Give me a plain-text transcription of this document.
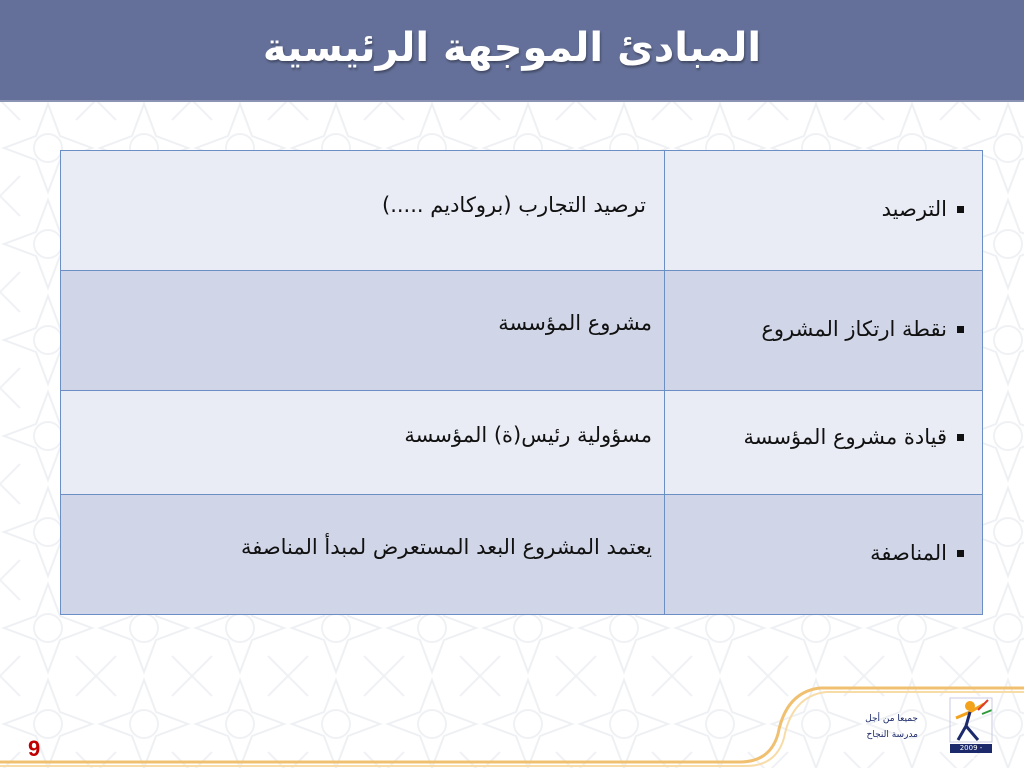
المبادئ الموجهة الرئيسية
الترصيد	ترصيد التجارب (بروكاديم .....)

نقطة ارتكاز المشروع	مشروع المؤسسة

قيادة مشروع المؤسسة	مسؤولية رئيس(ة) المؤسسة

المناصفة	يعتمد المشروع البعد المستعرض لمبدأ المناصفة
جميعا من أجل
مدرسة النجاح
2009 - 2012
9
